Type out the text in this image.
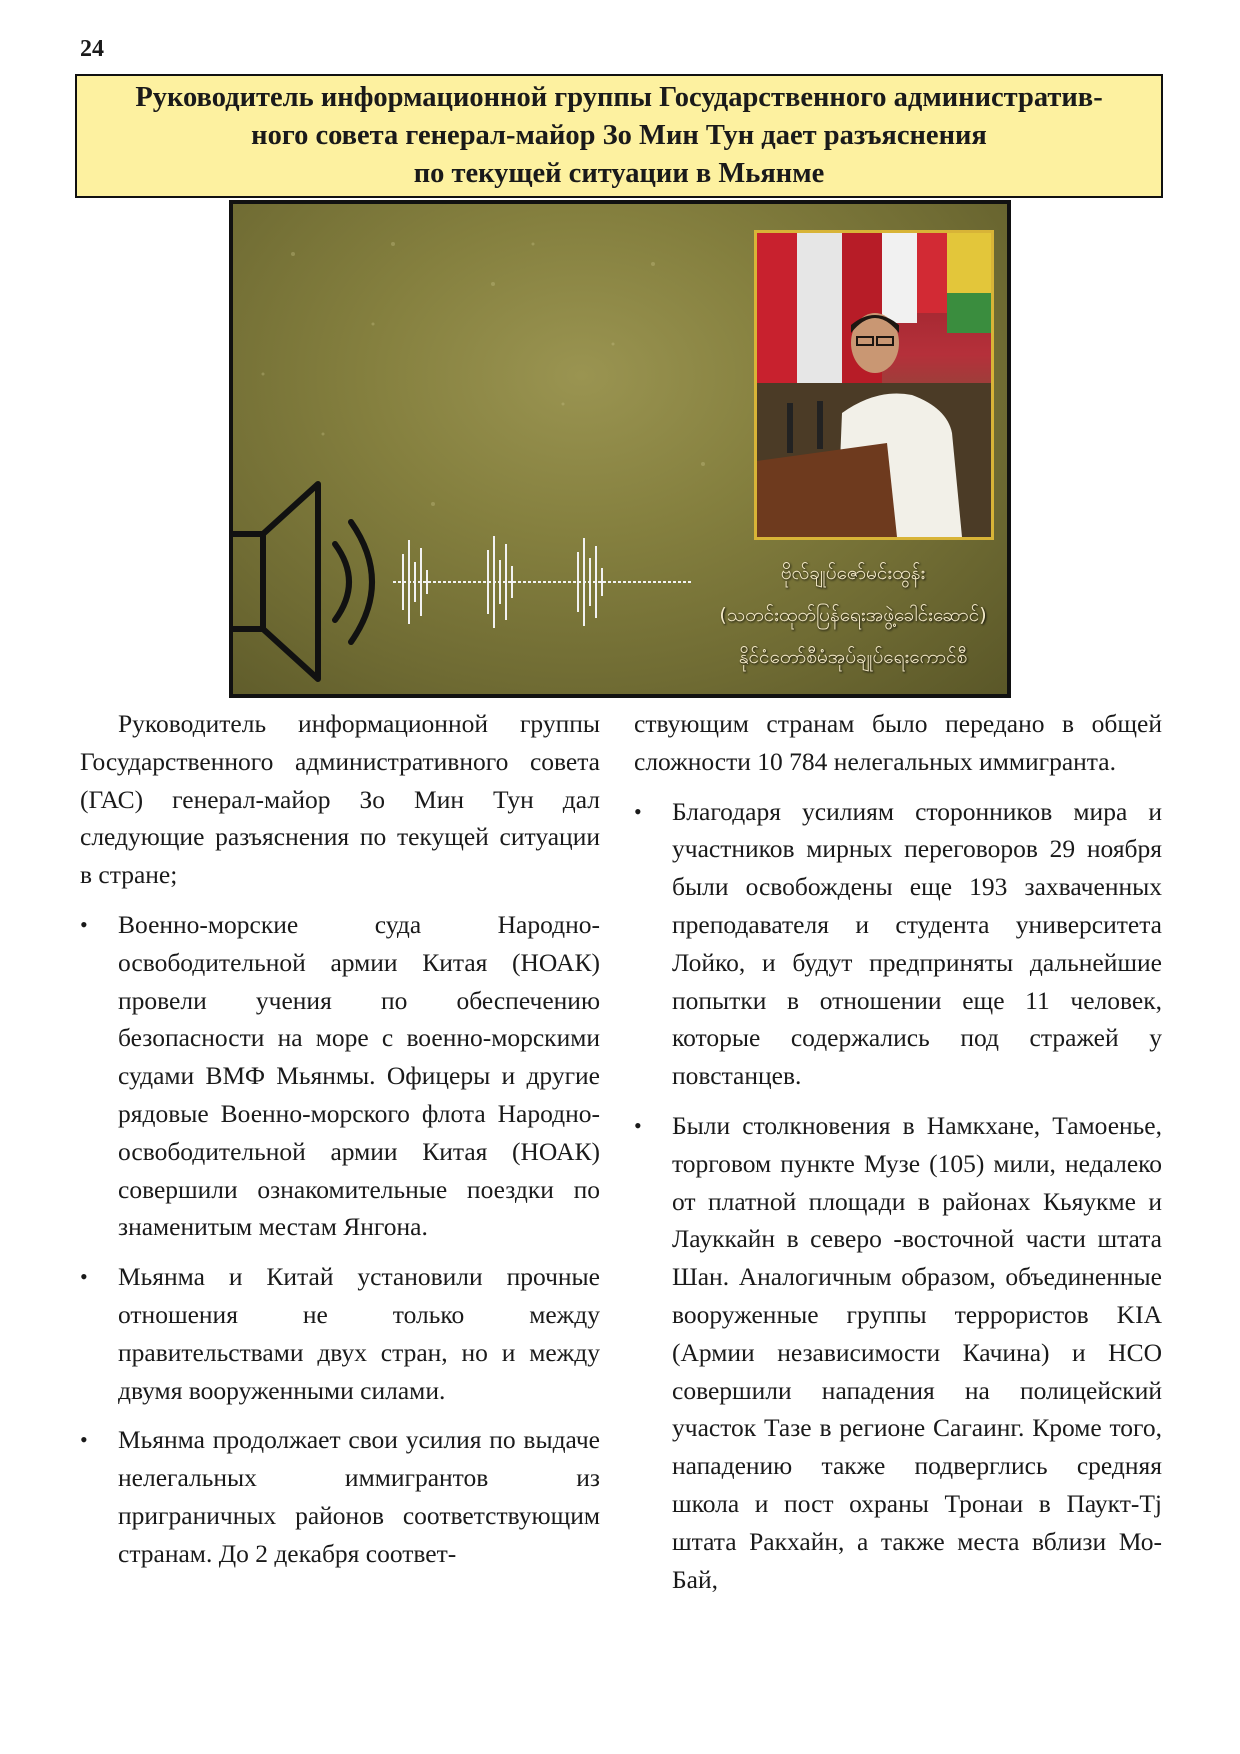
24
Руководитель информационной группы Государственного административ-
ного совета генерал-майор Зо Мин Тун дает разъяснения
по текущей ситуации в Мьянме
ဗိုလ်ချုပ်ဇော်မင်းထွန်း
(သတင်းထုတ်ပြန်ရေးအဖွဲ့ခေါင်းဆောင်)
နိုင်ငံတော်စီမံအုပ်ချုပ်ရေးကောင်စီ

Руководитель информационной группы Государственного административного совета (ГАС) генерал-майор Зо Мин Тун дал следующие разъяснения по текущей ситуации в стране;

•	Военно-морские суда Народно-освободительной армии Китая (НОАК) провели учения по обеспечению безопасности на море с военно-морскими судами ВМФ Мьянмы. Офицеры и другие рядовые Военно-морского флота Народно-освободительной армии Китая (НОАК) совершили ознакомительные поездки по знаменитым местам Янгона.
•	Мьянма и Китай установили прочные отношения не только между правительствами двух стран, но и между двумя вооруженными силами.
•	Мьянма продолжает свои усилия по выдаче нелегальных иммигрантов из приграничных районов соответствующим странам. До 2 декабря соответ-

ствующим странам было передано в общей сложности 10 784 нелегальных иммигранта.

•	Благодаря усилиям сторонников мира и участников мирных переговоров 29 ноября были освобождены еще 193 захваченных преподавателя и студента университета Лойко, и будут предприняты дальнейшие попытки в отношении еще 11 человек, которые содержались под стражей у повстанцев.
•	Были столкновения в Намкхане, Тамоенье, торговом пункте Музе (105) мили, недалеко от платной площади в районах Кьяукме и Лауккайн в северо -восточной части штата Шан. Аналогичным образом, объединенные вооруженные группы террористов KIA (Армии независимости Качина) и НСО совершили нападения на полицейский участок Тазе в регионе Сагаинг. Кроме того, нападению также подверглись средняя школа и пост охраны Тронаи в Паукт-Tj штата Ракхайн, а также места вблизи Мо-Бай,
